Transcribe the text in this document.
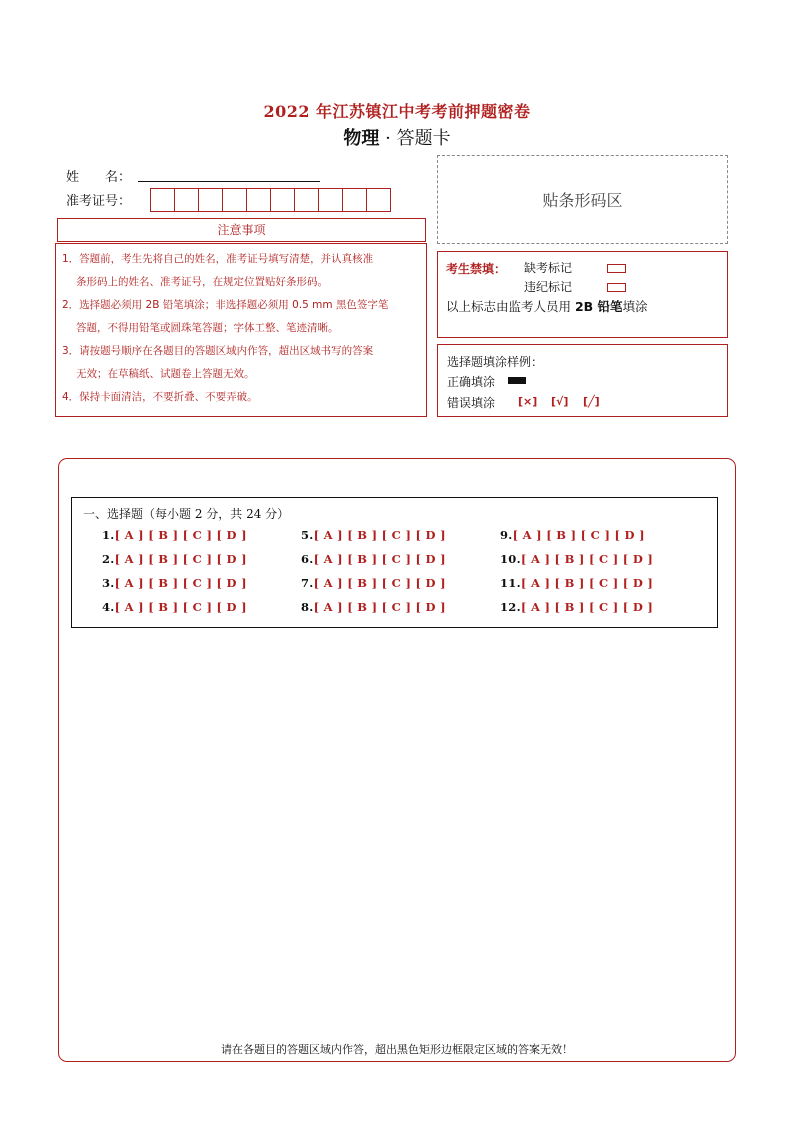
2022 年江苏镇江中考考前押题密卷
物理 · 答题卡
姓　　名：
准考证号：	贴条形码区
注意事项

1．答题前，考生先将自己的姓名，准考证号填写清楚，并认真核准

条形码上的姓名、准考证号，在规定位置贴好条形码。

2．选择题必须用 2B 铅笔填涂；非选择题必须用 0.5 mm 黑色签字笔

答题，不得用铅笔或圆珠笔答题；字体工整、笔迹清晰。

3．请按题号顺序在各题目的答题区域内作答，超出区域书写的答案

无效；在草稿纸、试题卷上答题无效。

4．保持卡面清洁，不要折叠、不要弄破。

考生禁填： 缺考标记
违纪标记
以上标志由监考人员用 2B 铅笔填涂
选择题填涂样例：
正确填涂
错误填涂 [×] [√] [╱]
一、选择题（每小题 2 分，共 24 分）
1.[ A ] [ B ] [ C ] [ D ]
2.[ A ] [ B ] [ C ] [ D ]
3.[ A ] [ B ] [ C ] [ D ]
4.[ A ] [ B ] [ C ] [ D ]
5.[ A ] [ B ] [ C ] [ D ]
6.[ A ] [ B ] [ C ] [ D ]
7.[ A ] [ B ] [ C ] [ D ]
8.[ A ] [ B ] [ C ] [ D ]
9.[ A ] [ B ] [ C ] [ D ]
10.[ A ] [ B ] [ C ] [ D ]
11.[ A ] [ B ] [ C ] [ D ]
12.[ A ] [ B ] [ C ] [ D ]
请在各题目的答题区域内作答，超出黑色矩形边框限定区域的答案无效！
